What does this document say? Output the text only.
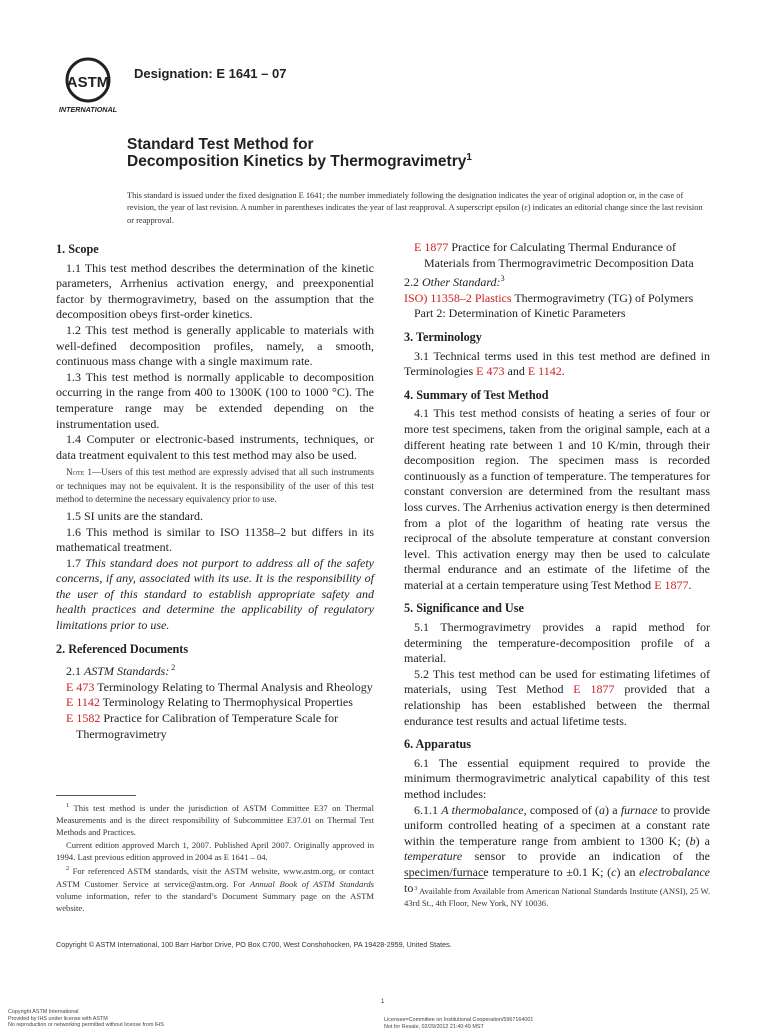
ASTM
INTERNATIONAL
Designation: E 1641 – 07
Standard Test Method for
Decomposition Kinetics by Thermogravimetry$^1$
This standard is issued under the fixed designation E 1641; the number immediately following the designation indicates the year of original adoption or, in the case of revision, the year of last revision. A number in parentheses indicates the year of last reapproval. A superscript epsilon (ε) indicates an editorial change since the last revision or reapproval.
1. Scope

1.1 This test method describes the determination of the kinetic parameters, Arrhenius activation energy, and preexponential factor by thermogravimetry, based on the assumption that the decomposition obeys first-order kinetics.

1.2 This test method is generally applicable to materials with well-defined decomposition profiles, namely, a smooth, continuous mass change with a single maximum rate.

1.3 This test method is normally applicable to decomposition occurring in the range from 400 to 1300K (100 to 1000 °C). The temperature range may be extended depending on the instrumentation used.

1.4 Computer or electronic-based instruments, techniques, or data treatment equivalent to this test method may also be used.

Note 1—Users of this test method are expressly advised that all such instruments or techniques may not be equivalent. It is the responsibility of the user of this test method to determine the necessary equivalency prior to use.

1.5 SI units are the standard.

1.6 This method is similar to ISO 11358–2 but differs in its mathematical treatment.

1.7 This standard does not purport to address all of the safety concerns, if any, associated with its use. It is the responsibility of the user of this standard to establish appropriate safety and health practices and determine the applicability of regulatory limitations prior to use.

2. Referenced Documents

2.1 ASTM Standards: $^2$

E 473 Terminology Relating to Thermal Analysis and Rheology

E 1142 Terminology Relating to Thermophysical Properties

E 1582 Practice for Calibration of Temperature Scale for Thermogravimetry

$^1$ This test method is under the jurisdiction of ASTM Committee E37 on Thermal Measurements and is the direct responsibility of Subcommittee E37.01 on Thermal Test Methods and Practices.

Current edition approved March 1, 2007. Published April 2007. Originally approved in 1994. Last previous edition approved in 2004 as E 1641 – 04.

$^2$ For referenced ASTM standards, visit the ASTM website, www.astm.org, or contact ASTM Customer Service at service@astm.org. For Annual Book of ASTM Standards volume information, refer to the standard’s Document Summary page on the ASTM website.

E 1877 Practice for Calculating Thermal Endurance of Materials from Thermogravimetric Decomposition Data

2.2 Other Standard:$^3$

ISO) 11358–2 Plastics Thermogravimetry (TG) of Polymers Part 2: Determination of Kinetic Parameters

3. Terminology

3.1 Technical terms used in this test method are defined in Terminologies E 473 and E 1142.

4. Summary of Test Method

4.1 This test method consists of heating a series of four or more test specimens, taken from the original sample, each at a different heating rate between 1 and 10 K/min, through their decomposition region. The specimen mass is recorded continuously as a function of temperature. The temperatures for constant conversion are determined from the resultant mass loss curves. The Arrhenius activation energy is then determined from a plot of the logarithm of heating rate versus the reciprocal of the absolute temperature at constant conversion level. This activation energy may then be used to calculate thermal endurance and an estimate of the lifetime of the material at a certain temperature using Test Method E 1877.

5. Significance and Use

5.1 Thermogravimetry provides a rapid method for determining the temperature-decomposition profile of a material.

5.2 This test method can be used for estimating lifetimes of materials, using Test Method E 1877 provided that a relationship has been established between the thermal endurance test results and actual lifetime tests.

6. Apparatus

6.1 The essential equipment required to provide the minimum thermogravimetric analytical capability of this test method includes:

6.1.1 A thermobalance, composed of (a) a furnace to provide uniform controlled heating of a specimen at a constant rate within the temperature range from ambient to 1300 K; (b) a temperature sensor to provide an indication of the specimen/furnace temperature to ±0.1 K; (c) an electrobalance to $^3$ Available from Available from American National Standards Institute (ANSI), 25 W. 43rd St., 4th Floor, New York, NY 10036.

Copyright © ASTM International, 100 Barr Harbor Drive, PO Box C700, West Conshohocken, PA 19428-2959, United States.
1
Copyright ASTM International
Provided by IHS under license with ASTM
No reproduction or networking permitted without license from IHS
Licensee=Committee on Institutional Cooperation/5967164001
Not for Resale, 02/29/2012 21:40:49 MST
